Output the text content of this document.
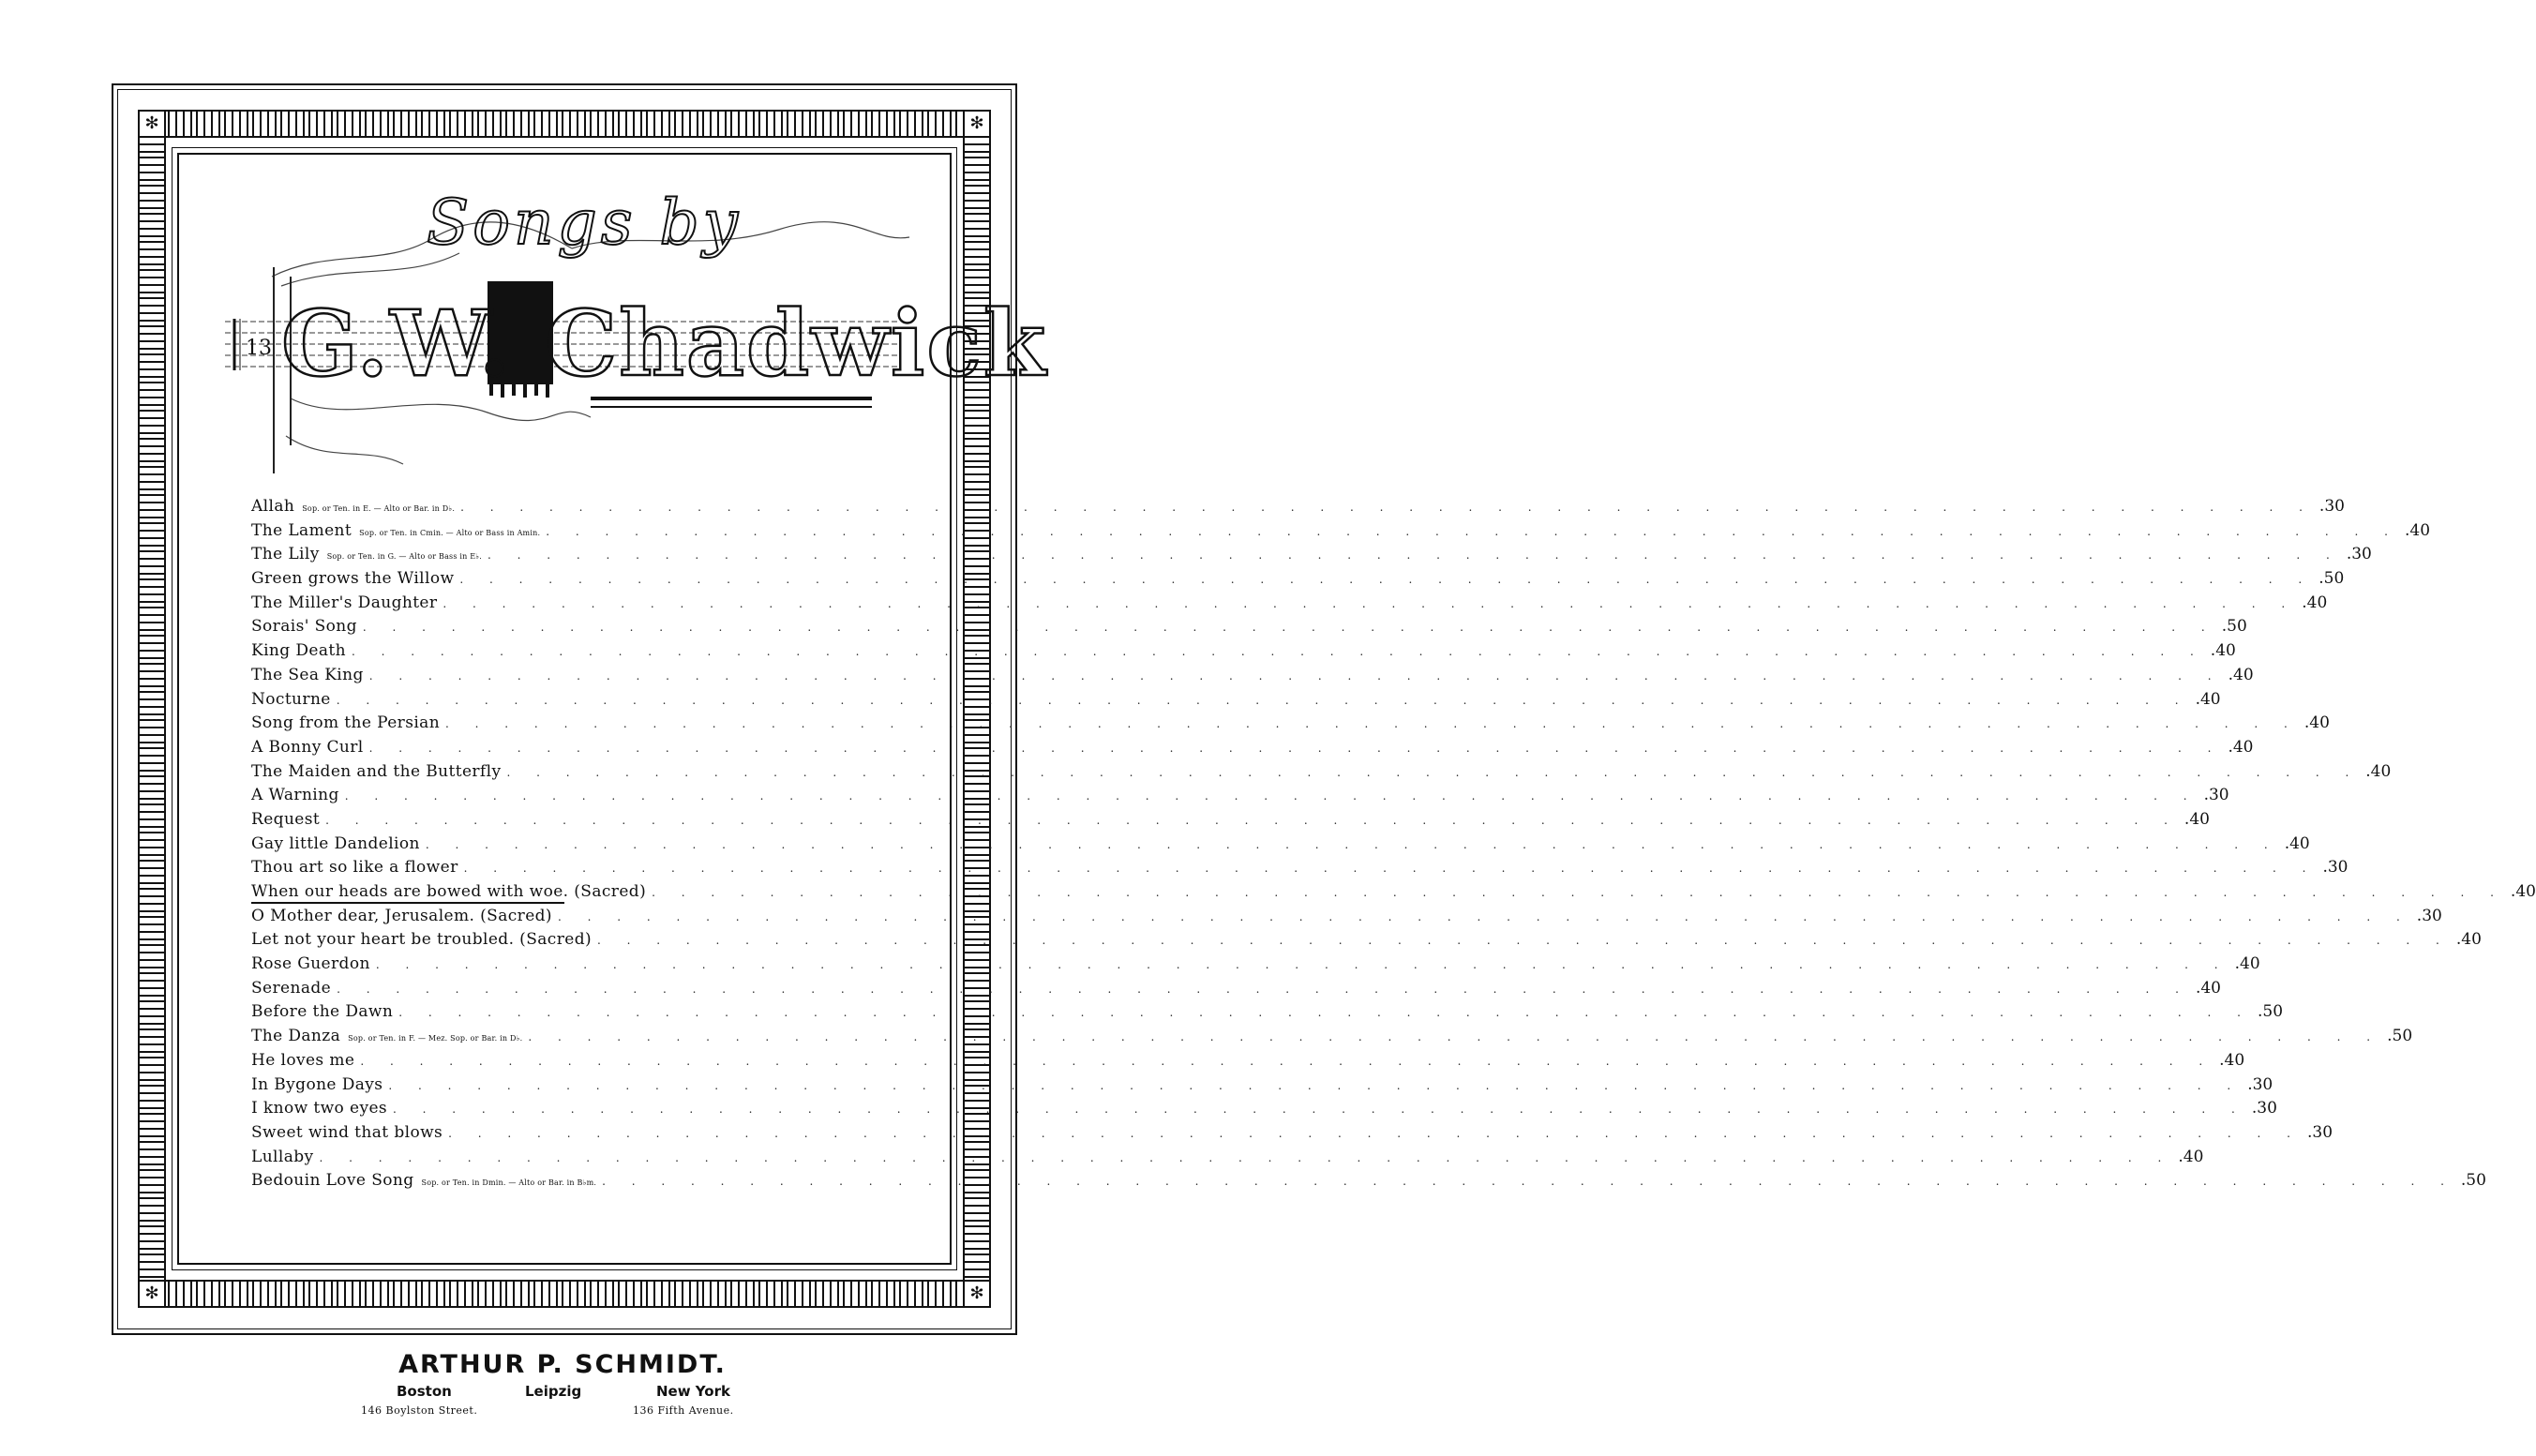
✻	✻
✻	✻
13
Songs by
G.W. Chadwick
Allah Sop. or Ten. in E. — Alto or Bar. in D♭. . . .	.30
The Lament Sop. or Ten. in Cmin. — Alto or Bass in Amin. . . .	.40
The Lily Sop. or Ten. in G. — Alto or Bass in E♭. . . .	.30
Green grows the Willow . . .	.50
The Miller's Daughter . . .	.40
Sorais' Song . . .	.50
King Death . . .	.40
The Sea King . . .	.40
Nocturne . . .	.40
Song from the Persian . . .	.40
A Bonny Curl . . .	.40
The Maiden and the Butterfly . . .	.40
A Warning . . .	.30
Request . . .	.40
Gay little Dandelion . . .	.40
Thou art so like a flower . . .	.30
When our heads are bowed with woe. (Sacred) . . .	.40
O Mother dear, Jerusalem. (Sacred) . . .	.30
Let not your heart be troubled. (Sacred) . . .	.40
Rose Guerdon . . .	.40
Serenade . . .	.40
Before the Dawn . . .	.50
The Danza Sop. or Ten. in F. — Mez. Sop. or Bar. in D♭. . . .	.50
He loves me . . .	.40
In Bygone Days . . .	.30
I know two eyes . . .	.30
Sweet wind that blows . . .	.30
Lullaby . . .	.40
Bedouin Love Song Sop. or Ten. in Dmin. — Alto or Bar. in B♭m. . . .	.50
ARTHUR P. SCHMIDT.
Boston	Leipzig	New York
146 Boylston Street.	136 Fifth Avenue.
